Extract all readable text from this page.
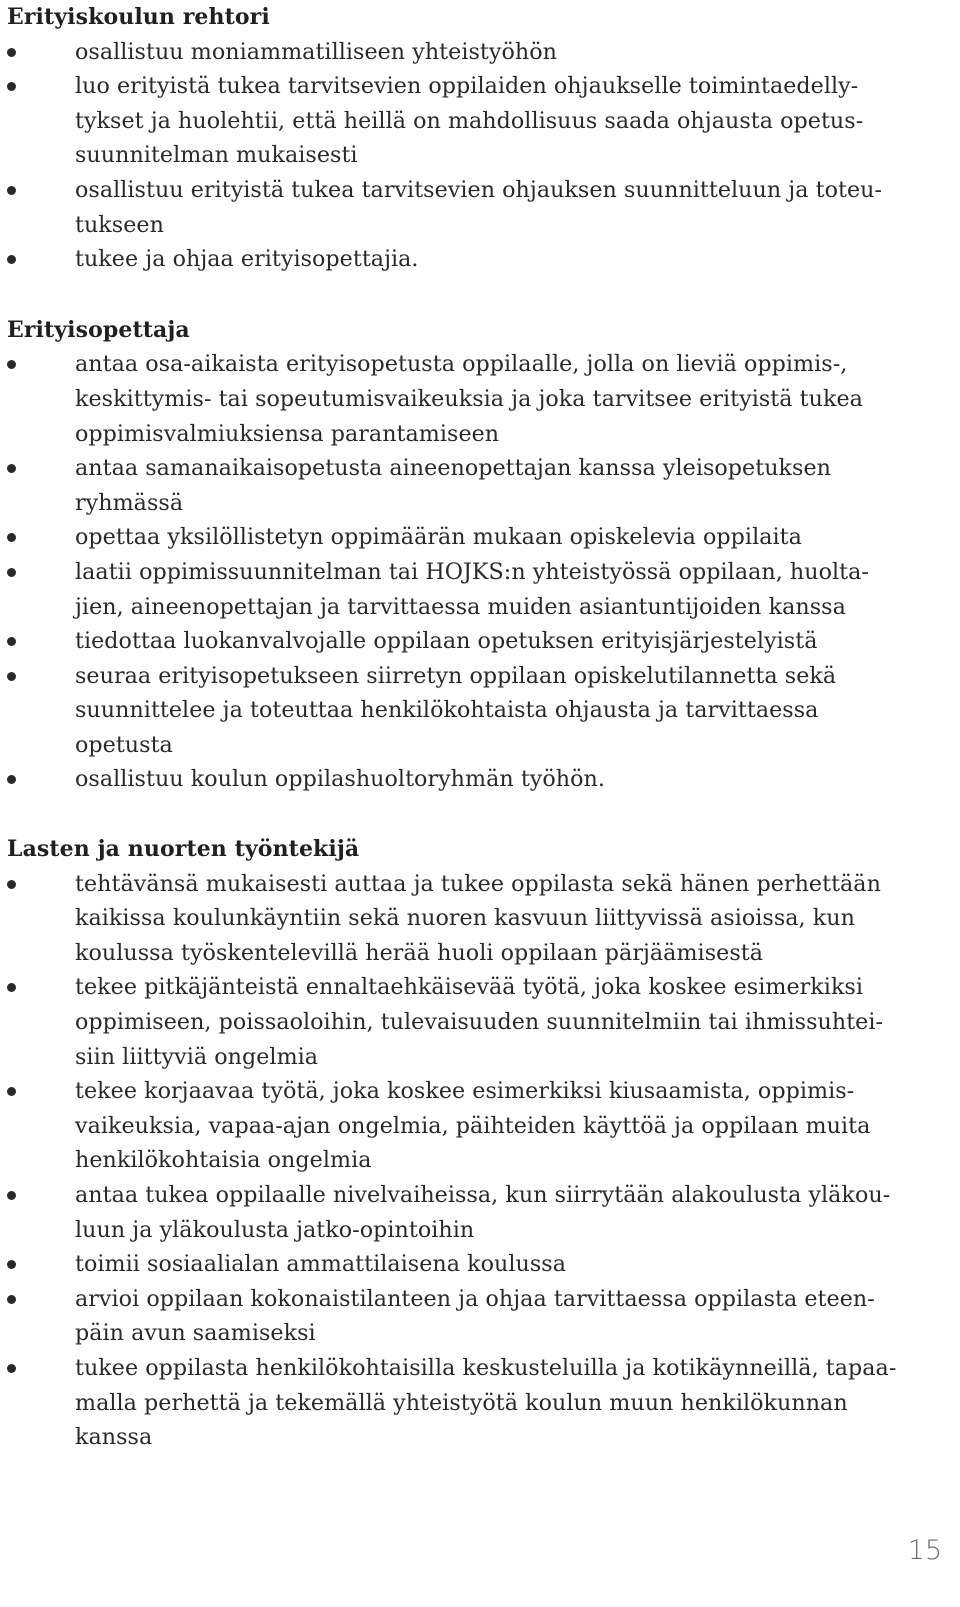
Erityiskoulun rehtori
osallistuu moniammatilliseen yhteistyöhön
luo erityistä tukea tarvitsevien oppilaiden ohjaukselle toimintaedelly-
tykset ja huolehtii, että heillä on mahdollisuus saada ohjausta opetus-
suunnitelman mukaisesti
osallistuu erityistä tukea tarvitsevien ohjauksen suunnitteluun ja toteu-
tukseen
tukee ja ohjaa erityisopettajia.
Erityisopettaja
antaa osa-aikaista erityisopetusta oppilaalle, jolla on lieviä oppimis-,
keskittymis- tai sopeutumisvaikeuksia ja joka tarvitsee erityistä tukea
oppimisvalmiuksiensa parantamiseen
antaa samanaikaisopetusta aineenopettajan kanssa yleisopetuksen
ryhmässä
opettaa yksilöllistetyn oppimäärän mukaan opiskelevia oppilaita
laatii oppimissuunnitelman tai HOJKS:n yhteistyössä oppilaan, huolta-
jien, aineenopettajan ja tarvittaessa muiden asiantuntijoiden kanssa
tiedottaa luokanvalvojalle oppilaan opetuksen erityisjärjestelyistä
seuraa erityisopetukseen siirretyn oppilaan opiskelutilannetta sekä
suunnittelee ja toteuttaa henkilökohtaista ohjausta ja tarvittaessa
opetusta
osallistuu koulun oppilashuoltoryhmän työhön.
Lasten ja nuorten työntekijä
tehtävänsä mukaisesti auttaa ja tukee oppilasta sekä hänen perhettään
kaikissa koulunkäyntiin sekä nuoren kasvuun liittyvissä asioissa, kun
koulussa työskentelevillä herää huoli oppilaan pärjäämisestä
tekee pitkäjänteistä ennaltaehkäisevää työtä, joka koskee esimerkiksi
oppimiseen, poissaoloihin, tulevaisuuden suunnitelmiin tai ihmissuhtei-
siin liittyviä ongelmia
tekee korjaavaa työtä, joka koskee esimerkiksi kiusaamista, oppimis-
vaikeuksia, vapaa-ajan ongelmia, päihteiden käyttöä ja oppilaan muita
henkilökohtaisia ongelmia
antaa tukea oppilaalle nivelvaiheissa, kun siirrytään alakoulusta yläkou-
luun ja yläkoulusta jatko-opintoihin
toimii sosiaalialan ammattilaisena koulussa
arvioi oppilaan kokonaistilanteen ja ohjaa tarvittaessa oppilasta eteen-
päin avun saamiseksi
tukee oppilasta henkilökohtaisilla keskusteluilla ja kotikäynneillä, tapaa-
malla perhettä ja tekemällä yhteistyötä koulun muun henkilökunnan
kanssa
15
